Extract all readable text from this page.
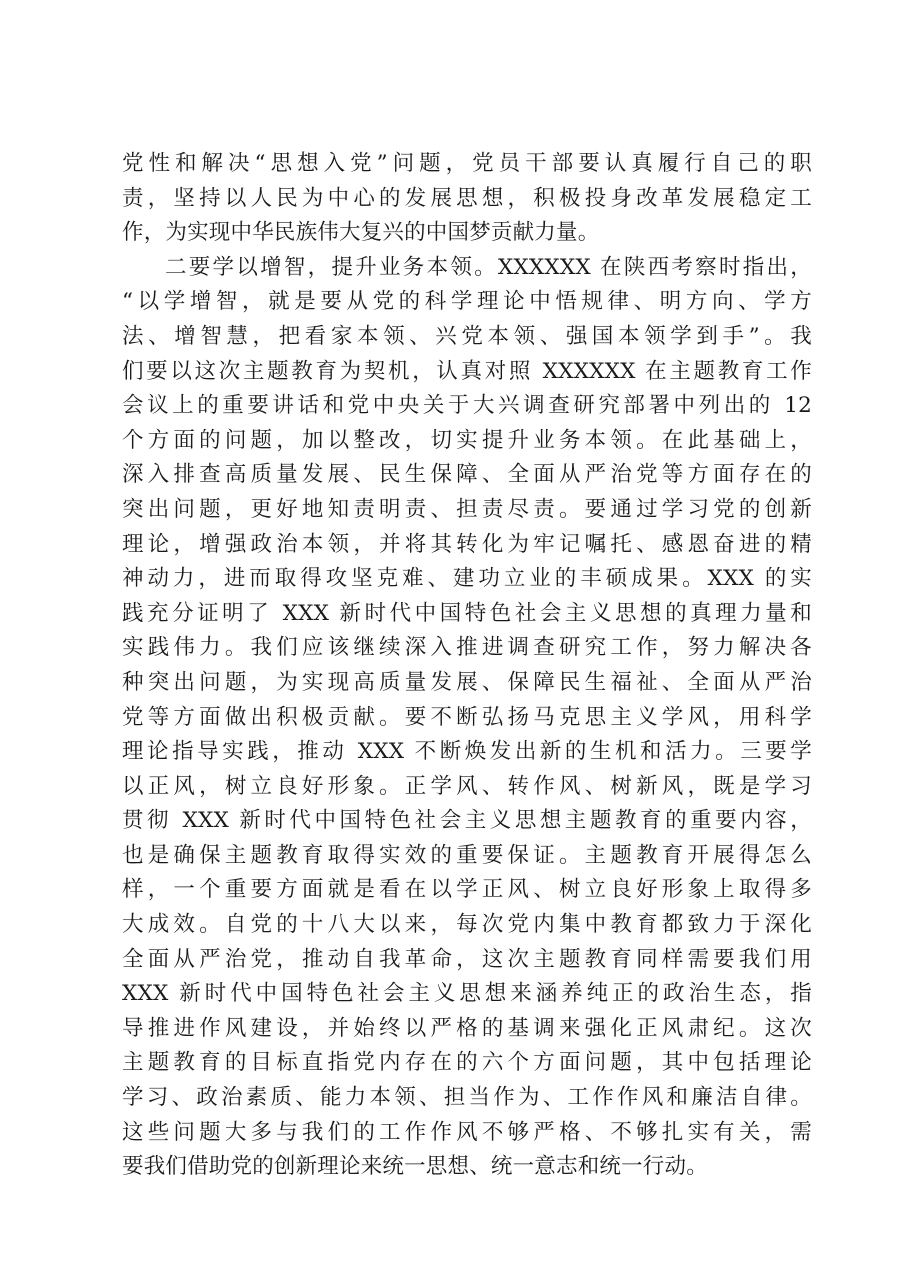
党性和解决“思想入党”问题，党员干部要认真履行自己的职
责，坚持以人民为中心的发展思想，积极投身改革发展稳定工
作，为实现中华民族伟大复兴的中国梦贡献力量。
二要学以增智，提升业务本领。XXXXXX 在陕西考察时指出，
“以学增智，就是要从党的科学理论中悟规律、明方向、学方
法、增智慧，把看家本领、兴党本领、强国本领学到手”。我
们要以这次主题教育为契机，认真对照 XXXXXX 在主题教育工作
会议上的重要讲话和党中央关于大兴调查研究部署中列出的 12
个方面的问题，加以整改，切实提升业务本领。在此基础上，
深入排查高质量发展、民生保障、全面从严治党等方面存在的
突出问题，更好地知责明责、担责尽责。要通过学习党的创新
理论，增强政治本领，并将其转化为牢记嘱托、感恩奋进的精
神动力，进而取得攻坚克难、建功立业的丰硕成果。XXX 的实
践充分证明了 XXX 新时代中国特色社会主义思想的真理力量和
实践伟力。我们应该继续深入推进调查研究工作，努力解决各
种突出问题，为实现高质量发展、保障民生福祉、全面从严治
党等方面做出积极贡献。要不断弘扬马克思主义学风，用科学
理论指导实践，推动 XXX 不断焕发出新的生机和活力。三要学
以正风，树立良好形象。正学风、转作风、树新风，既是学习
贯彻 XXX 新时代中国特色社会主义思想主题教育的重要内容，
也是确保主题教育取得实效的重要保证。主题教育开展得怎么
样，一个重要方面就是看在以学正风、树立良好形象上取得多
大成效。自党的十八大以来，每次党内集中教育都致力于深化
全面从严治党，推动自我革命，这次主题教育同样需要我们用
XXX 新时代中国特色社会主义思想来涵养纯正的政治生态，指
导推进作风建设，并始终以严格的基调来强化正风肃纪。这次
主题教育的目标直指党内存在的六个方面问题，其中包括理论
学习、政治素质、能力本领、担当作为、工作作风和廉洁自律。
这些问题大多与我们的工作作风不够严格、不够扎实有关，需
要我们借助党的创新理论来统一思想、统一意志和统一行动。
